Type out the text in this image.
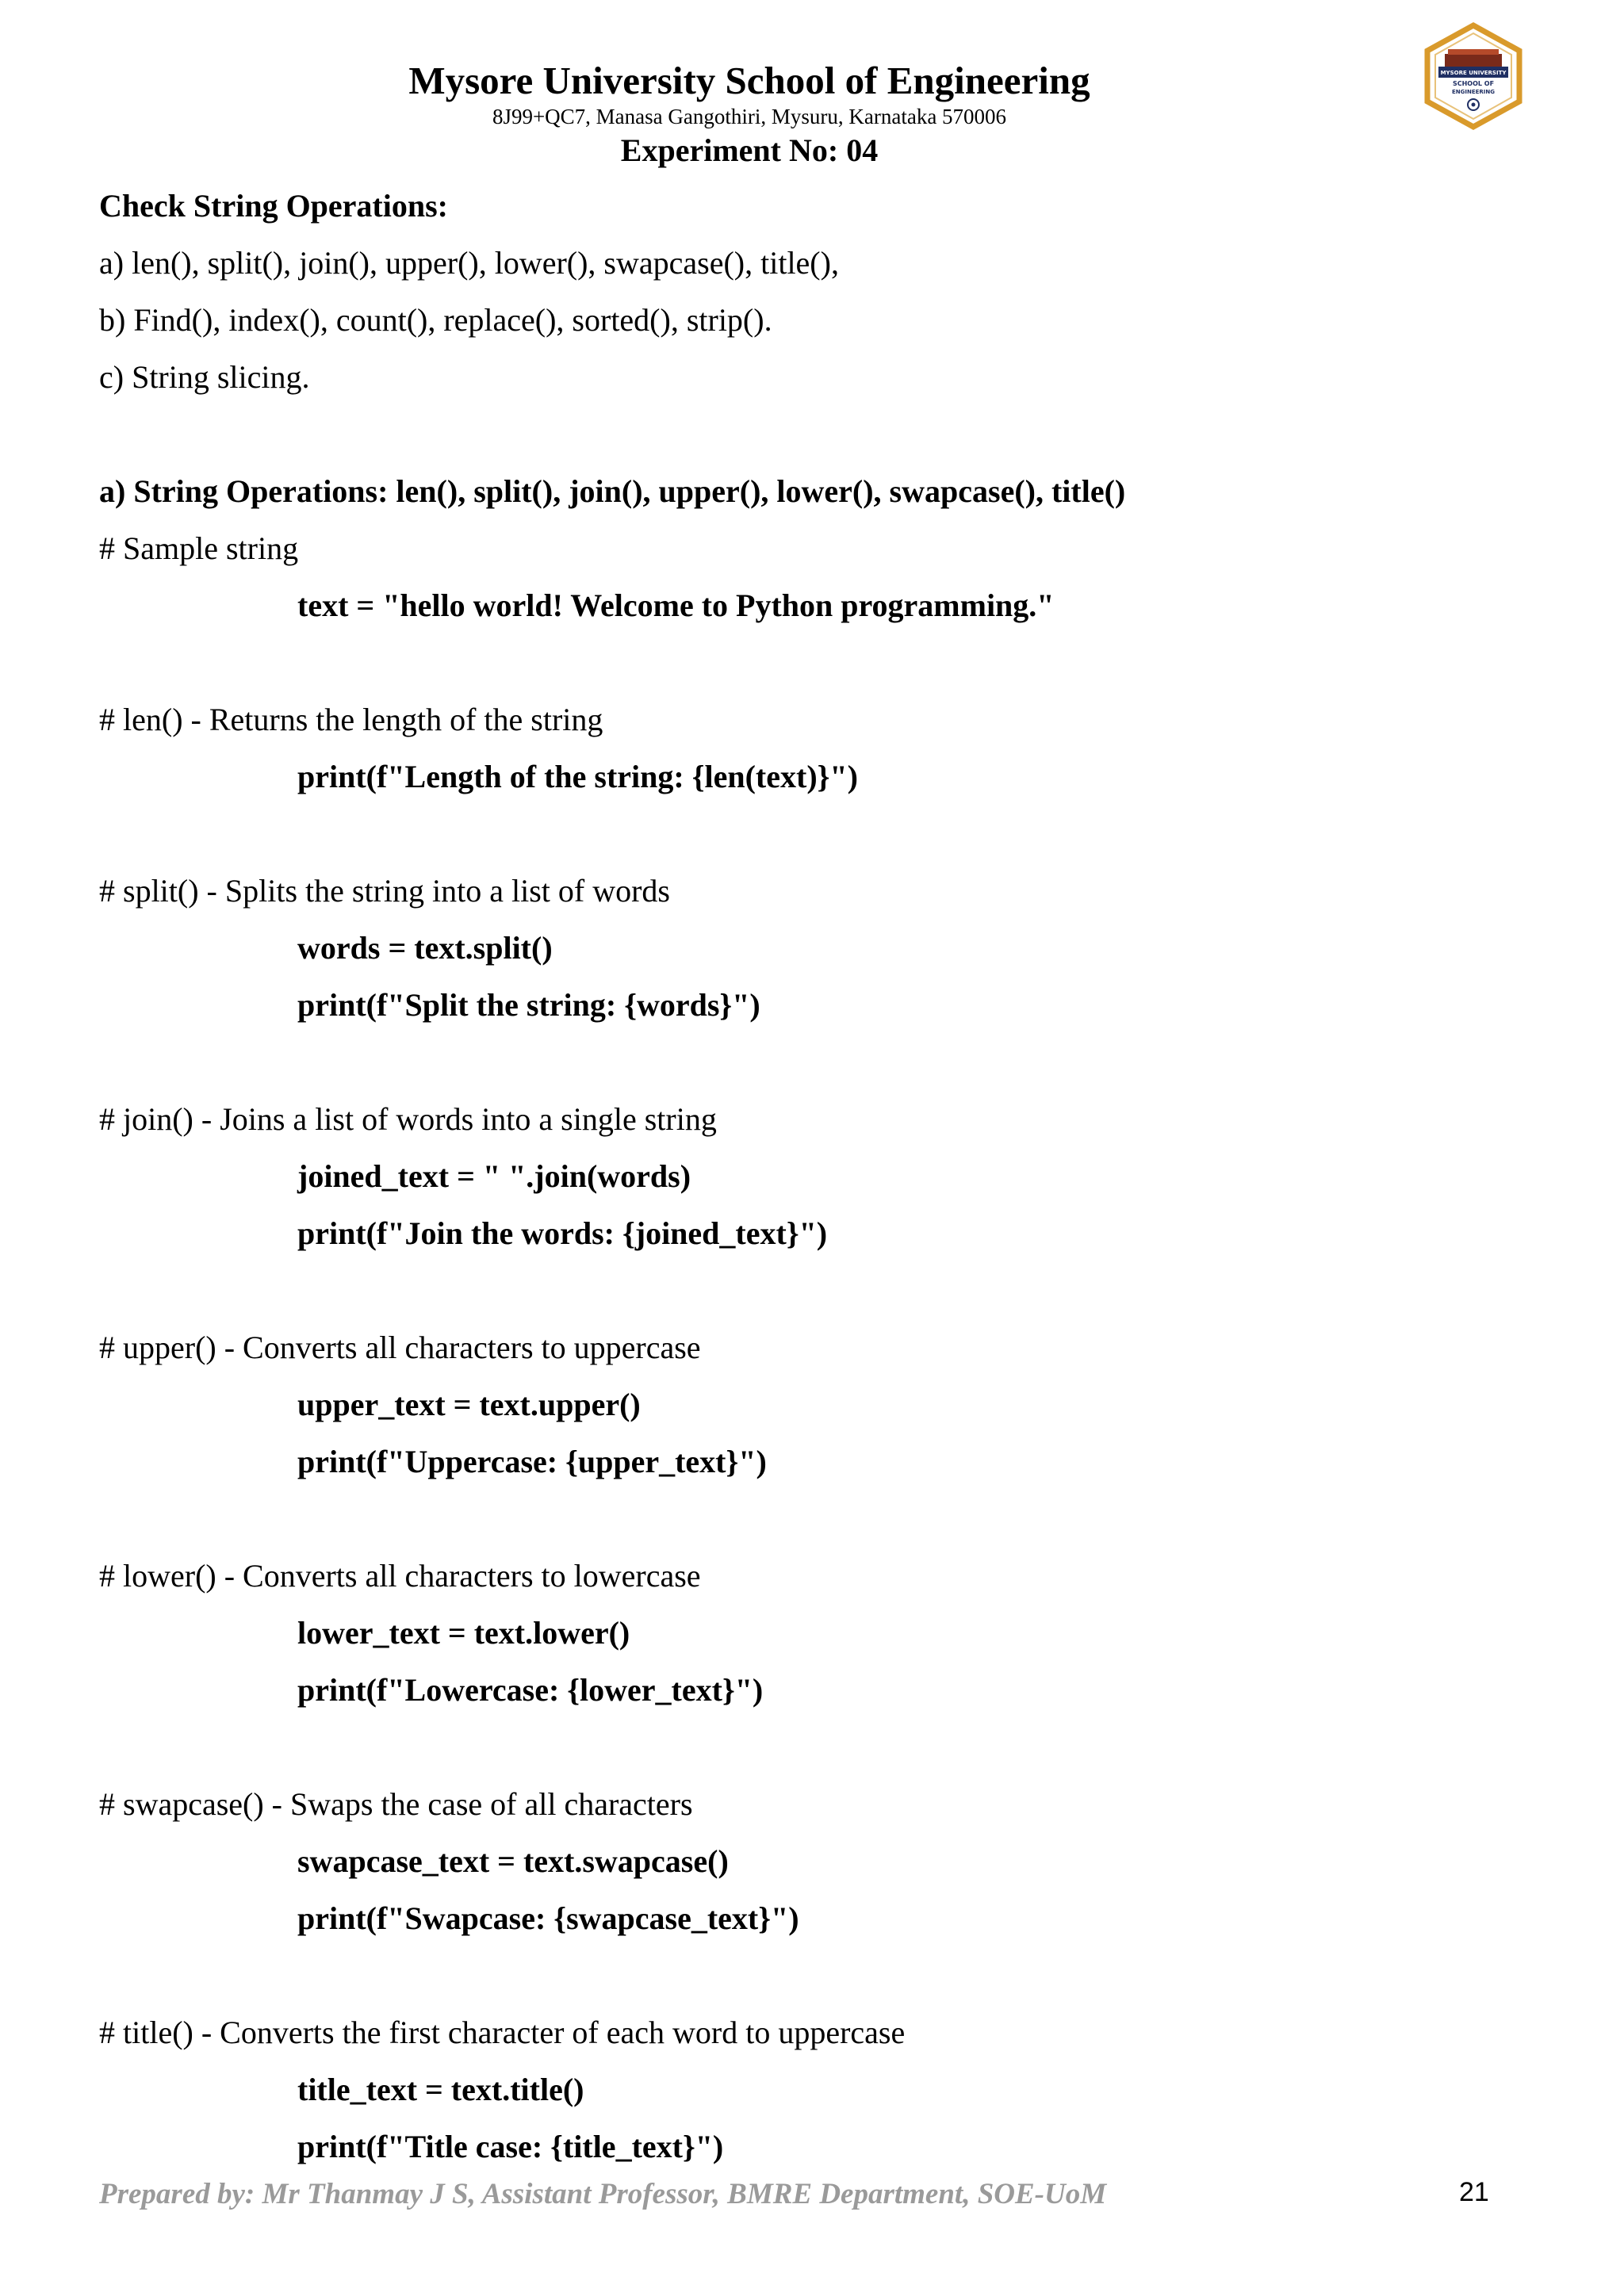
Mysore University School of Engineering
8J99+QC7, Manasa Gangothiri, Mysuru, Karnataka 570006
Experiment No: 04
MYSORE UNIVERSITY
SCHOOL OF
ENGINEERING
Check String Operations:
a) len(), split(), join(), upper(), lower(), swapcase(), title(),
b) Find(), index(), count(), replace(), sorted(), strip().
c) String slicing.
a) String Operations: len(), split(), join(), upper(), lower(), swapcase(), title()
# Sample string
text = "hello world! Welcome to Python programming."
# len() - Returns the length of the string
print(f"Length of the string: {len(text)}")
# split() - Splits the string into a list of words
words = text.split()
print(f"Split the string: {words}")
# join() - Joins a list of words into a single string
joined_text = " ".join(words)
print(f"Join the words: {joined_text}")
# upper() - Converts all characters to uppercase
upper_text = text.upper()
print(f"Uppercase: {upper_text}")
# lower() - Converts all characters to lowercase
lower_text = text.lower()
print(f"Lowercase: {lower_text}")
# swapcase() - Swaps the case of all characters
swapcase_text = text.swapcase()
print(f"Swapcase: {swapcase_text}")
# title() - Converts the first character of each word to uppercase
title_text = text.title()
print(f"Title case: {title_text}")
Prepared by: Mr Thanmay J S, Assistant Professor, BMRE Department, SOE-UoM	21
